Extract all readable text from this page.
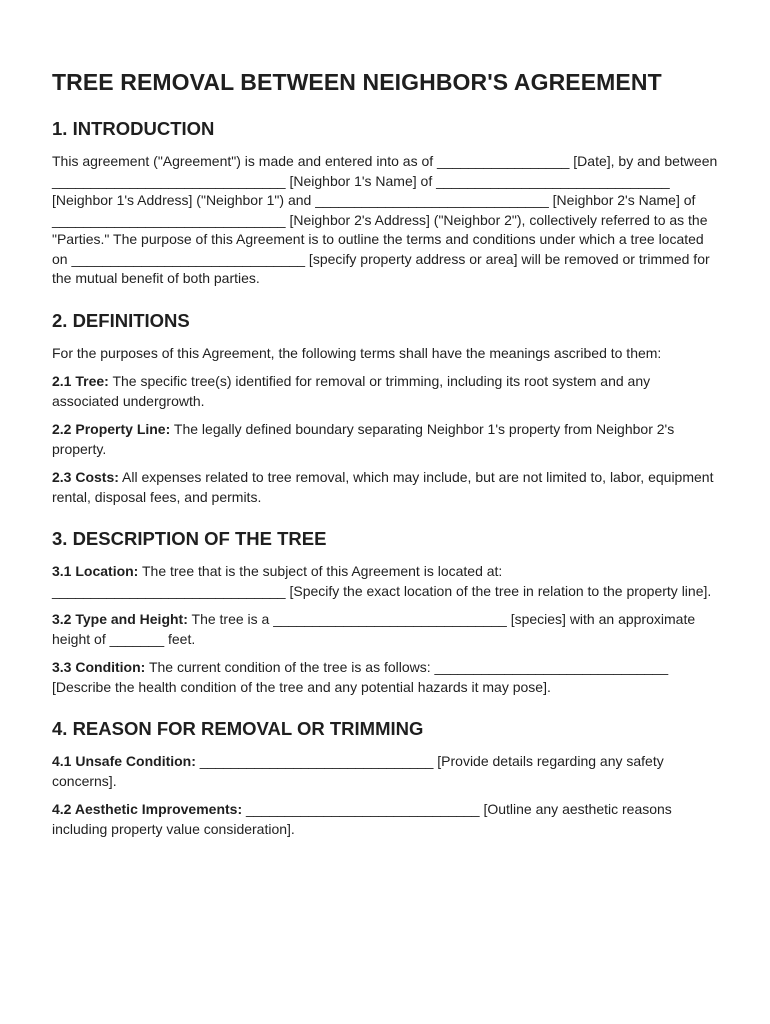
TREE REMOVAL BETWEEN NEIGHBOR'S AGREEMENT
1. INTRODUCTION

This agreement ("Agreement") is made and entered into as of _________________ [Date], by and between ______________________________ [Neighbor 1's Name] of ______________________________ [Neighbor 1's Address] ("Neighbor 1") and ______________________________ [Neighbor 2's Name] of ______________________________ [Neighbor 2's Address] ("Neighbor 2"), collectively referred to as the "Parties." The purpose of this Agreement is to outline the terms and conditions under which a tree located on ______________________________ [specify property address or area] will be removed or trimmed for the mutual benefit of both parties.

2. DEFINITIONS

For the purposes of this Agreement, the following terms shall have the meanings ascribed to them:

2.1 Tree: The specific tree(s) identified for removal or trimming, including its root system and any associated undergrowth.

2.2 Property Line: The legally defined boundary separating Neighbor 1's property from Neighbor 2's property.

2.3 Costs: All expenses related to tree removal, which may include, but are not limited to, labor, equipment rental, disposal fees, and permits.

3. DESCRIPTION OF THE TREE

3.1 Location: The tree that is the subject of this Agreement is located at: ______________________________ [Specify the exact location of the tree in relation to the property line].

3.2 Type and Height: The tree is a ______________________________ [species] with an approximate height of _______ feet.

3.3 Condition: The current condition of the tree is as follows: ______________________________ [Describe the health condition of the tree and any potential hazards it may pose].

4. REASON FOR REMOVAL OR TRIMMING

4.1 Unsafe Condition: ______________________________ [Provide details regarding any safety concerns].

4.2 Aesthetic Improvements: ______________________________ [Outline any aesthetic reasons including property value consideration].
